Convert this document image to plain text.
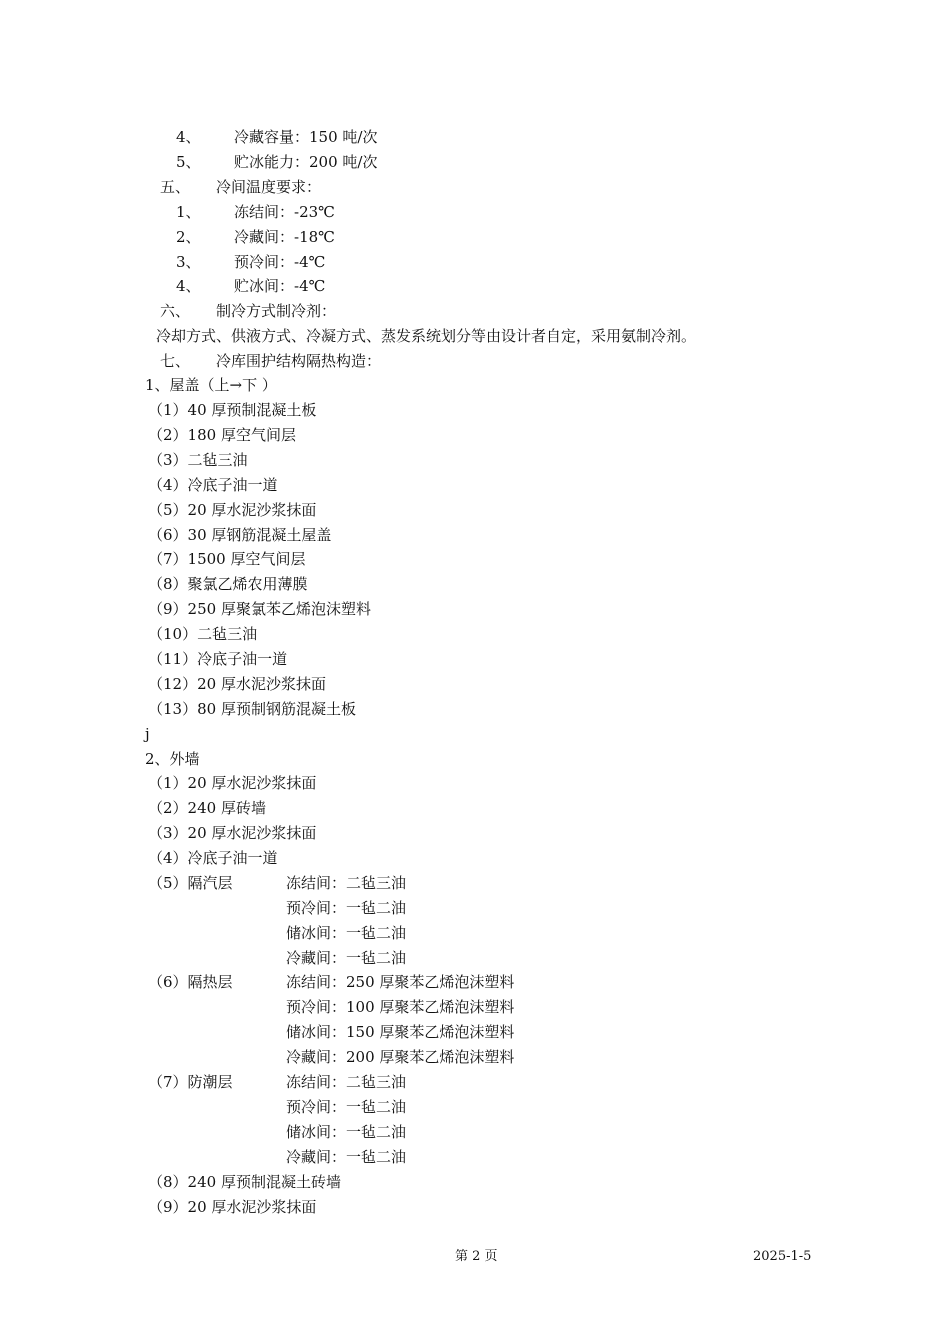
4、 冷藏容量：150 吨/次
5、 贮冰能力：200 吨/次
五、 冷间温度要求：
1、 冻结间：-23℃
2、 冷藏间：-18℃
3、 预冷间：-4℃
4、 贮冰间：-4℃
六、 制冷方式制冷剂：
冷却方式、供液方式、冷凝方式、蒸发系统划分等由设计者自定，采用氨制冷剂。
七、 冷库围护结构隔热构造：
1、屋盖（上→下 ）
（1）40 厚预制混凝土板
（2）180 厚空气间层
（3）二毡三油
（4）冷底子油一道
（5）20 厚水泥沙浆抹面
（6）30 厚钢筋混凝土屋盖
（7）1500 厚空气间层
（8）聚氯乙烯农用薄膜
（9）250 厚聚氯苯乙烯泡沫塑料
（10）二毡三油
（11）冷底子油一道
（12）20 厚水泥沙浆抹面
（13）80 厚预制钢筋混凝土板
j
2、外墙
（1）20 厚水泥沙浆抹面
（2）240 厚砖墙
（3）20 厚水泥沙浆抹面
（4）冷底子油一道
（5）隔汽层	冻结间：二毡三油
预冷间：一毡二油
储冰间：一毡二油
冷藏间：一毡二油
（6）隔热层	冻结间：250 厚聚苯乙烯泡沫塑料
预冷间：100 厚聚苯乙烯泡沫塑料
储冰间：150 厚聚苯乙烯泡沫塑料
冷藏间：200 厚聚苯乙烯泡沫塑料
（7）防潮层	冻结间：二毡三油
预冷间：一毡二油
储冰间：一毡二油
冷藏间：一毡二油
（8）240 厚预制混凝土砖墙
（9）20 厚水泥沙浆抹面
第 2 页	2025-1-5
